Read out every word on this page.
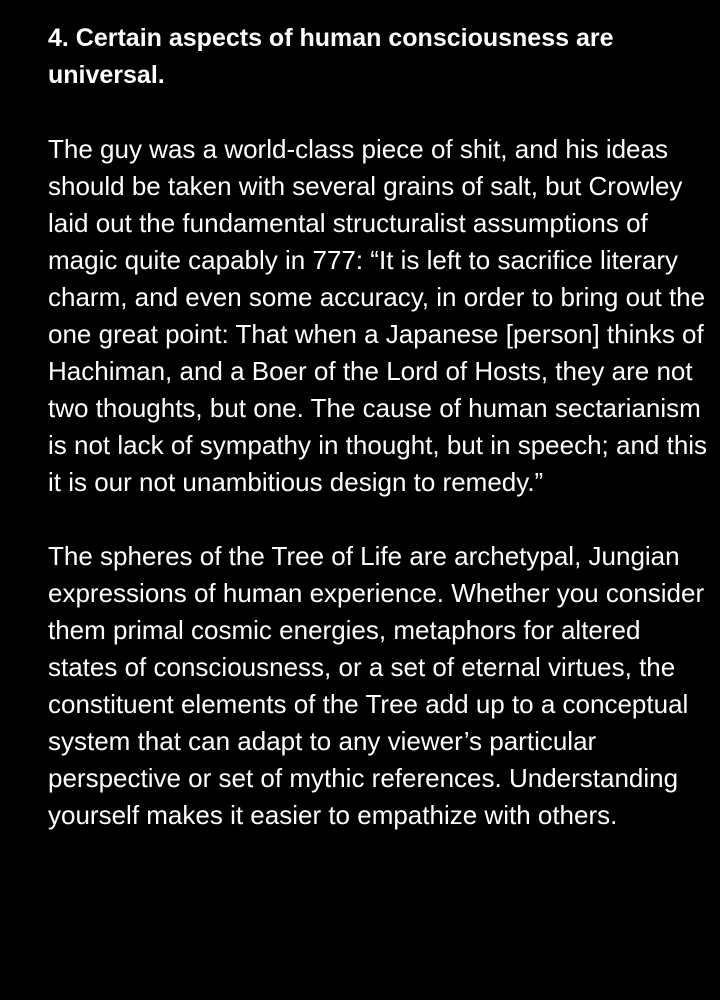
4. Certain aspects of human consciousness are universal.

The guy was a world-class piece of shit, and his ideas should be taken with several grains of salt, but Crowley laid out the fundamental structuralist assumptions of magic quite capably in 777: “It is left to sacrifice literary charm, and even some accuracy, in order to bring out the one great point: That when a Japanese [person] thinks of Hachiman, and a Boer of the Lord of Hosts, they are not two thoughts, but one. The cause of human sectarianism is not lack of sympathy in thought, but in speech; and this it is our not unambitious design to remedy.”

The spheres of the Tree of Life are archetypal, Jungian expressions of human experience. Whether you consider them primal cosmic energies, metaphors for altered states of consciousness, or a set of eternal virtues, the constituent elements of the Tree add up to a conceptual system that can adapt to any viewer’s particular perspective or set of mythic references. Understanding yourself makes it easier to empathize with others.
